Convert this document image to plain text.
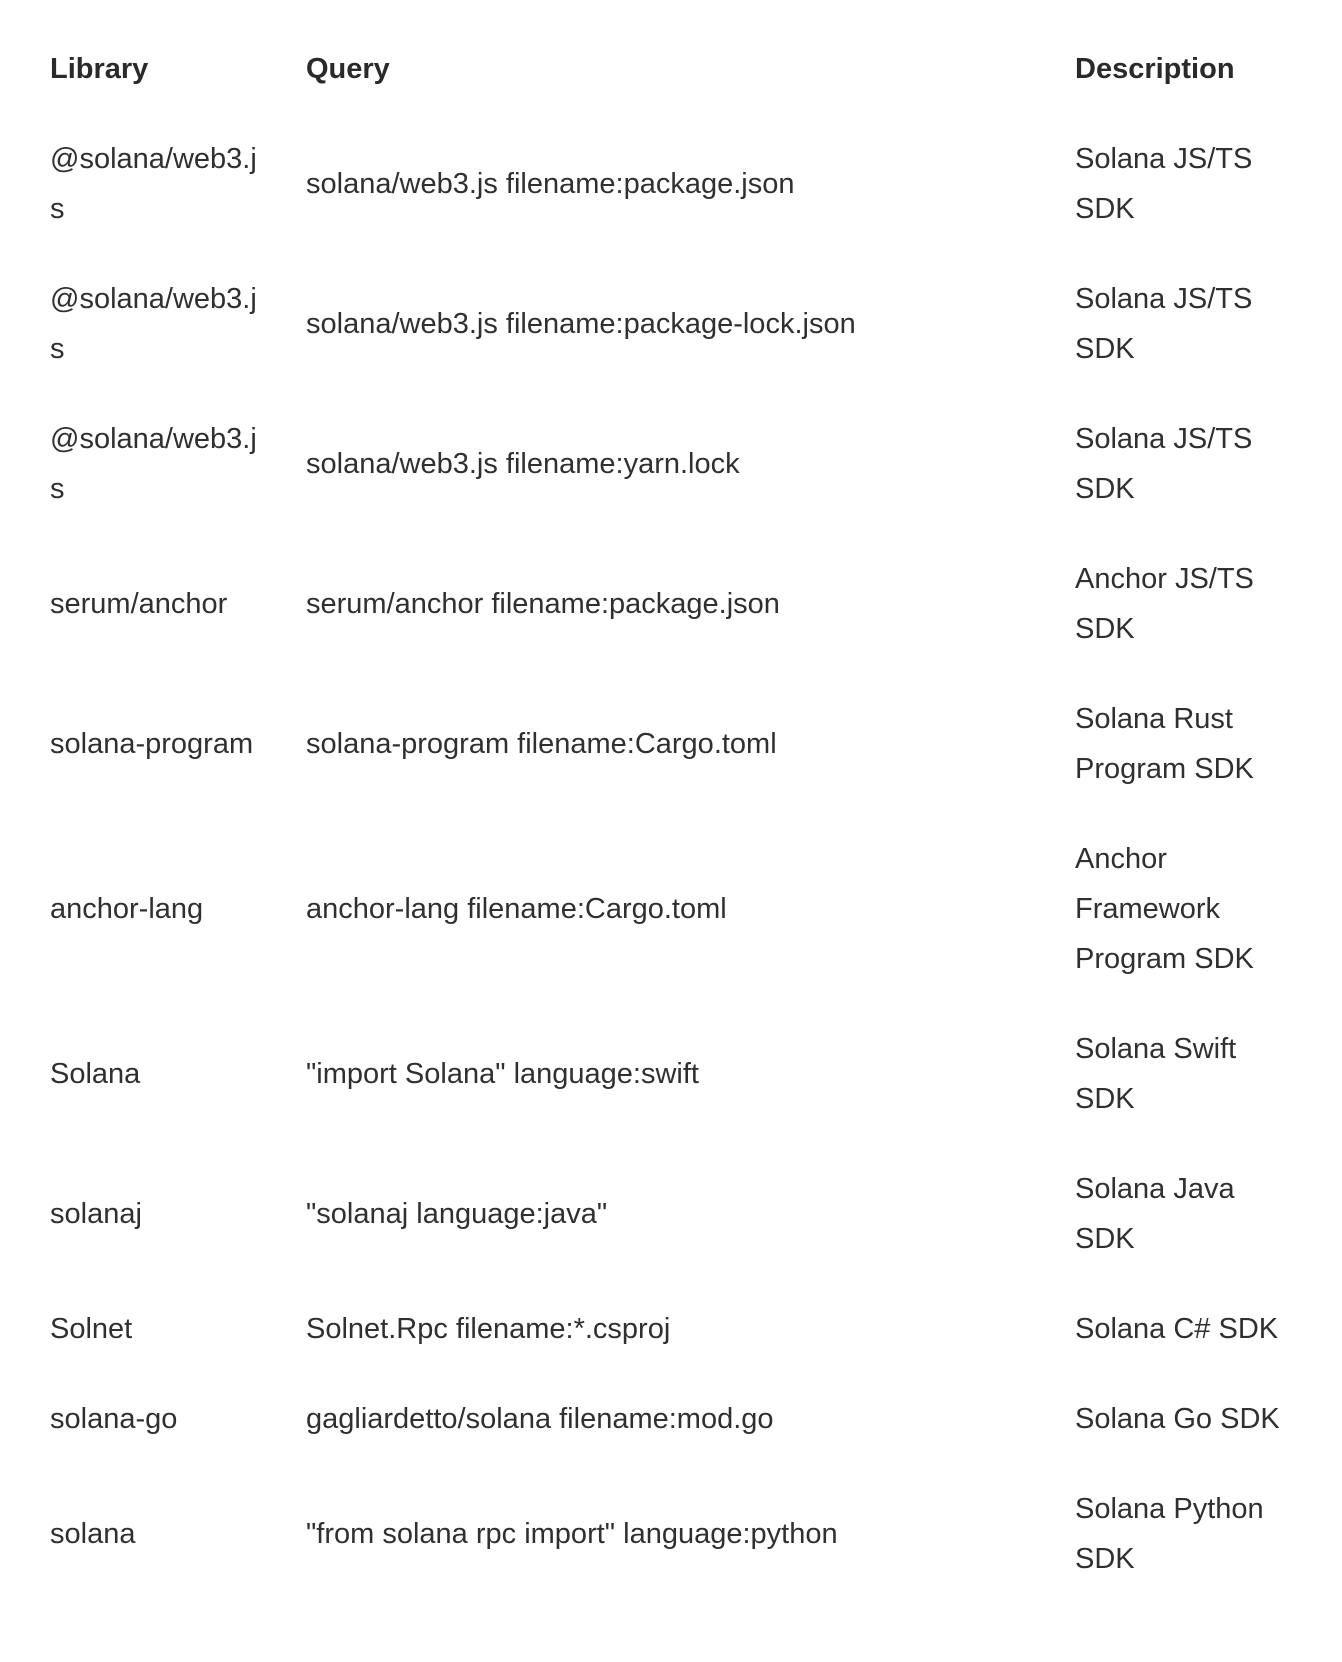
Library	Query	Description
@solana/web3.js	solana/web3.js filename:package.json	Solana JS/TS SDK
@solana/web3.js	solana/web3.js filename:package-lock.json	Solana JS/TS SDK
@solana/web3.js	solana/web3.js filename:yarn.lock	Solana JS/TS SDK
serum/anchor	serum/anchor filename:package.json	Anchor JS/TS SDK
solana-program	solana-program filename:Cargo.toml	Solana Rust Program SDK
anchor-lang	anchor-lang filename:Cargo.toml	Anchor Framework Program SDK
Solana	"import Solana" language:swift	Solana Swift SDK
solanaj	"solanaj language:java"	Solana Java SDK
Solnet	Solnet.Rpc filename:*.csproj	Solana C# SDK
solana-go	gagliardetto/solana filename:mod.go	Solana Go SDK
solana	"from solana rpc import" language:python	Solana Python SDK
